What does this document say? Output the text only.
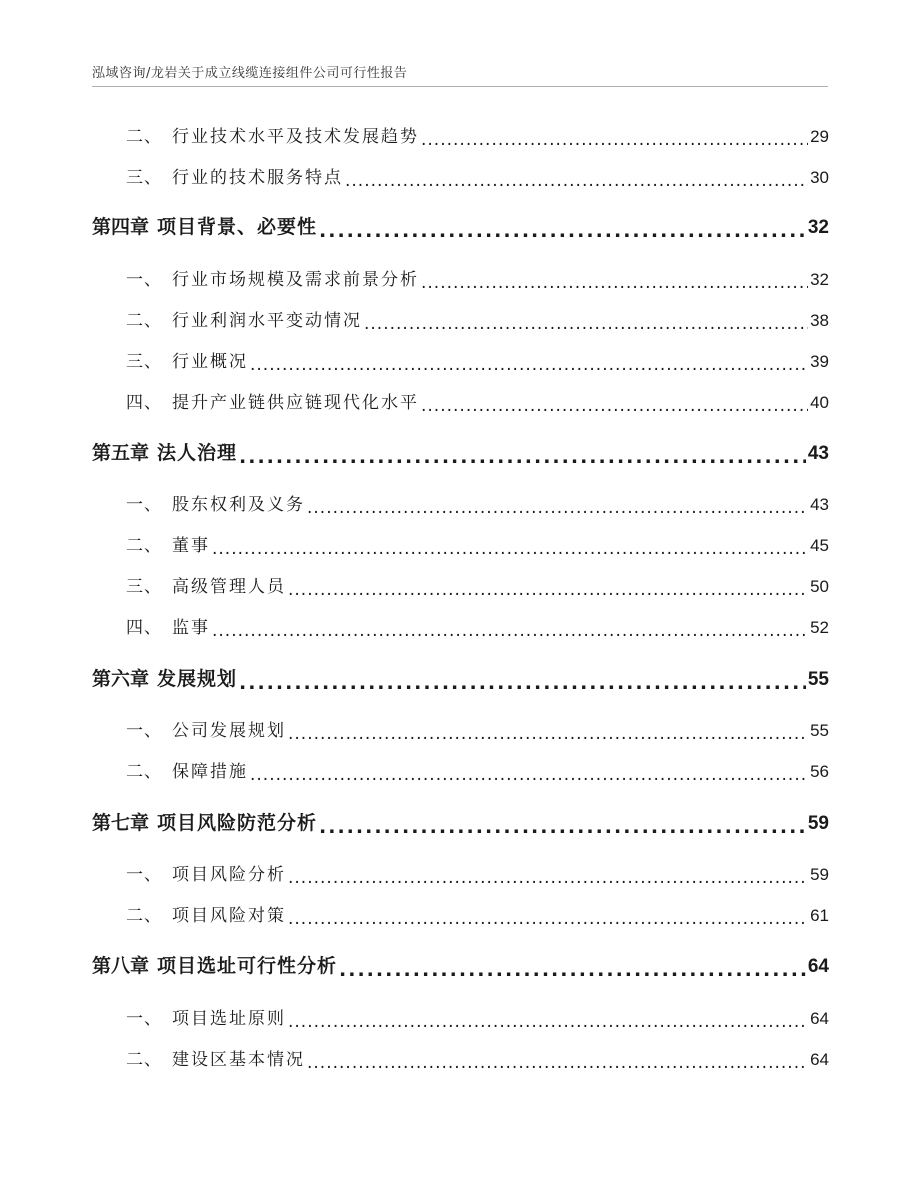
泓域咨询/龙岩关于成立线缆连接组件公司可行性报告
二、 行业技术水平及技术发展趋势 .....	29
三、 行业的技术服务特点 .....	30
第四章 项目背景、必要性 .....	32
一、 行业市场规模及需求前景分析 .....	32
二、 行业利润水平变动情况 .....	38
三、 行业概况 .....	39
四、 提升产业链供应链现代化水平 .....	40
第五章 法人治理 .....	43
一、 股东权利及义务 .....	43
二、 董事 .....	45
三、 高级管理人员 .....	50
四、 监事 .....	52
第六章 发展规划 .....	55
一、 公司发展规划 .....	55
二、 保障措施 .....	56
第七章 项目风险防范分析 .....	59
一、 项目风险分析 .....	59
二、 项目风险对策 .....	61
第八章 项目选址可行性分析 .....	64
一、 项目选址原则 .....	64
二、 建设区基本情况 .....	64
